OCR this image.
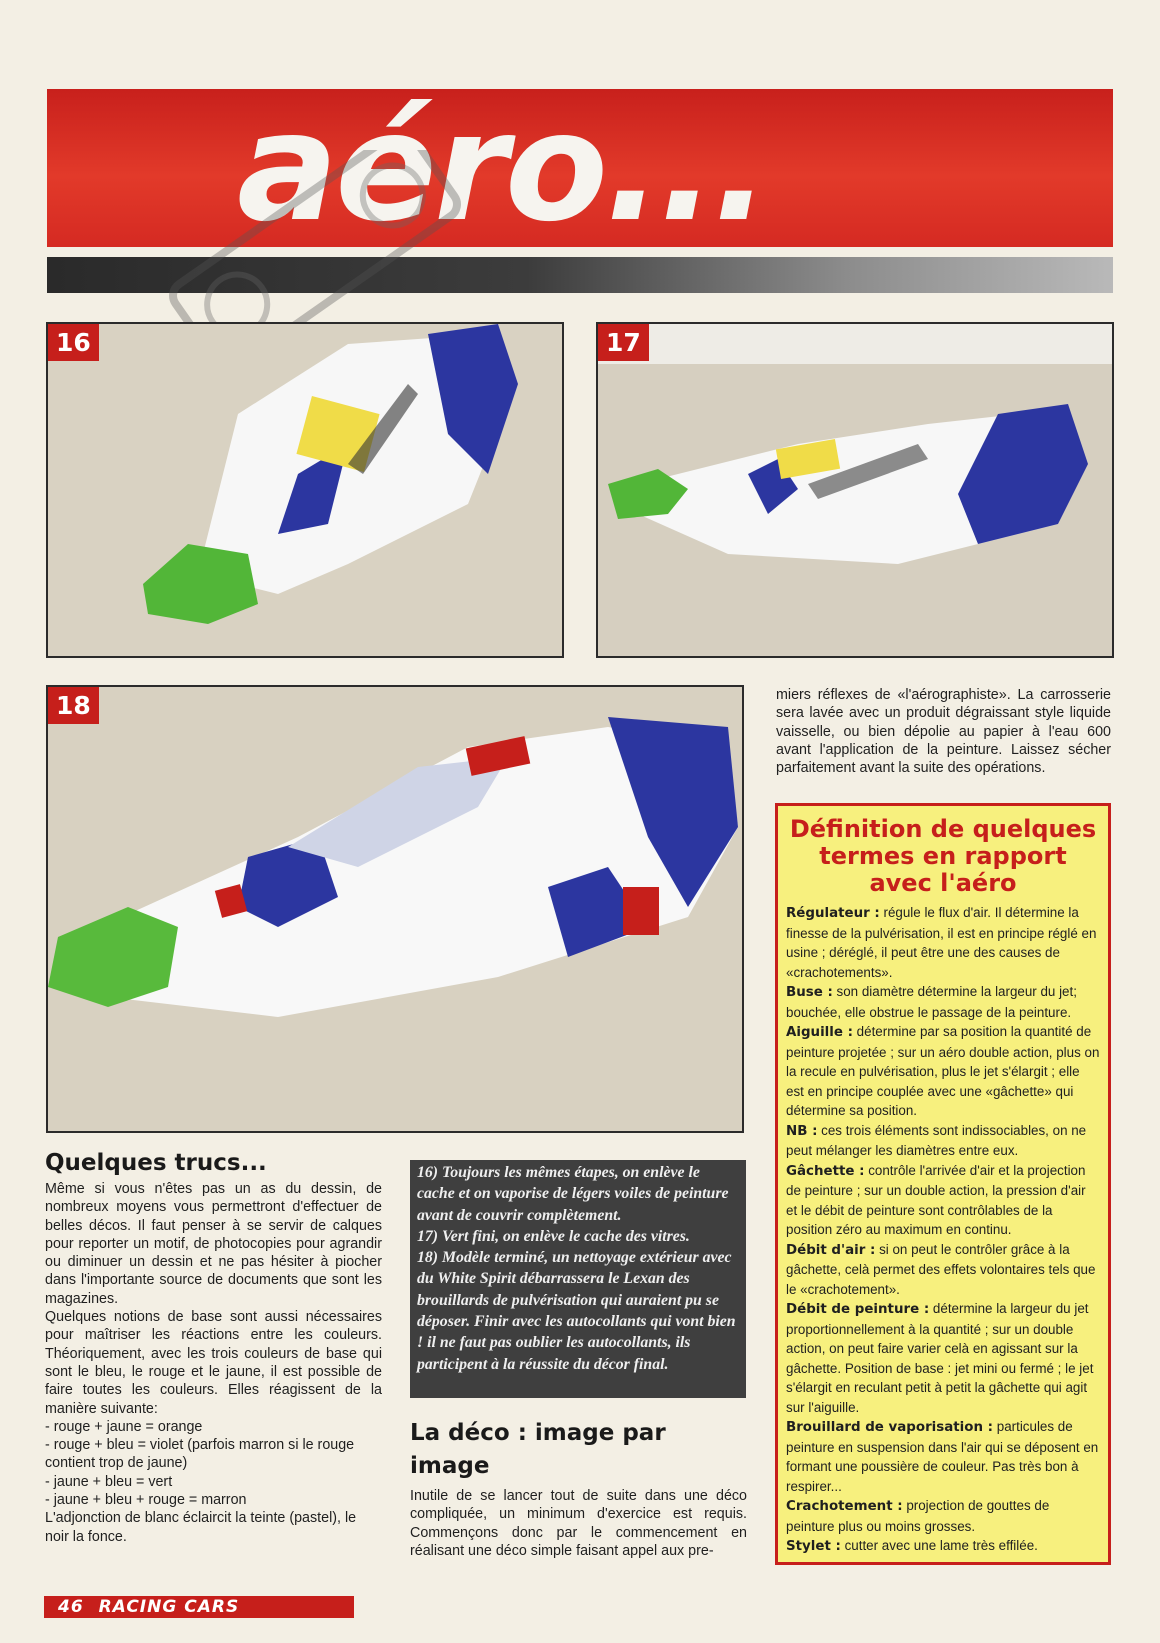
aéro...
16	17
18	miers réflexes de «l'aérographiste». La carrosserie sera lavée avec un produit dégraissant style liquide vaisselle, ou bien dépolie au papier à l'eau 600 avant l'application de la peinture. Laissez sécher parfaitement avant la suite des opérations.

Définition de quelques termes en rapport avec l'aéro

Régulateur : régule le flux d'air. Il détermine la finesse de la pulvérisation, il est en principe réglé en usine ; déréglé, il peut être une des causes de «crachotements».

Buse : son diamètre détermine la largeur du jet; bouchée, elle obstrue le passage de la peinture.

Aiguille : détermine par sa position la quantité de peinture projetée ; sur un aéro double action, plus on la recule en pulvérisation, plus le jet s'élargit ; elle est en principe couplée avec une «gâchette» qui détermine sa position.

NB : ces trois éléments sont indissociables, on ne peut mélanger les diamètres entre eux.

Gâchette : contrôle l'arrivée d'air et la projection de peinture ; sur un double action, la pression d'air et le débit de peinture sont contrôlables de la position zéro au maximum en continu.

Débit d'air : si on peut le contrôler grâce à la gâchette, celà permet des effets volontaires tels que le «crachotement».

Débit de peinture : détermine la largeur du jet proportionnellement à la quantité ; sur un double action, on peut faire varier celà en agissant sur la gâchette. Position de base : jet mini ou fermé ; le jet s'élargit en reculant petit à petit la gâchette qui agit sur l'aiguille.

Brouillard de vaporisation : particules de peinture en suspension dans l'air qui se déposent en formant une poussière de couleur. Pas très bon à respirer...

Crachotement : projection de gouttes de peinture plus ou moins grosses.

Stylet : cutter avec une lame très effilée.

Quelques trucs...

Même si vous n'êtes pas un as du dessin, de nombreux moyens vous permettront d'effectuer de belles décos. Il faut penser à se servir de calques pour reporter un motif, de photocopies pour agrandir ou diminuer un dessin et ne pas hésiter à piocher dans l'importante source de documents que sont les magazines.

Quelques notions de base sont aussi nécessaires pour maîtriser les réactions entre les couleurs. Théoriquement, avec les trois couleurs de base qui sont le bleu, le rouge et le jaune, il est possible de faire toutes les couleurs. Elles réagissent de la manière suivante:

- rouge + jaune = orange

- rouge + bleu = violet (parfois marron si le rouge contient trop de jaune)

- jaune + bleu = vert

- jaune + bleu + rouge = marron

L'adjonction de blanc éclaircit la teinte (pastel), le noir la fonce.

16) Toujours les mêmes étapes, on enlève le cache et on vaporise de légers voiles de peinture avant de couvrir complètement.

17) Vert fini, on enlève le cache des vitres.

18) Modèle terminé, un nettoyage extérieur avec du White Spirit débarrassera le Lexan des brouillards de pulvérisation qui auraient pu se déposer. Finir avec les autocollants qui vont bien ! il ne faut pas oublier les autocollants, ils participent à la réussite du décor final.

La déco : image par image

Inutile de se lancer tout de suite dans une déco compliquée, un minimum d'exercice est requis. Commençons donc par le commencement en réalisant une déco simple faisant appel aux pre-

46 RACING CARS
